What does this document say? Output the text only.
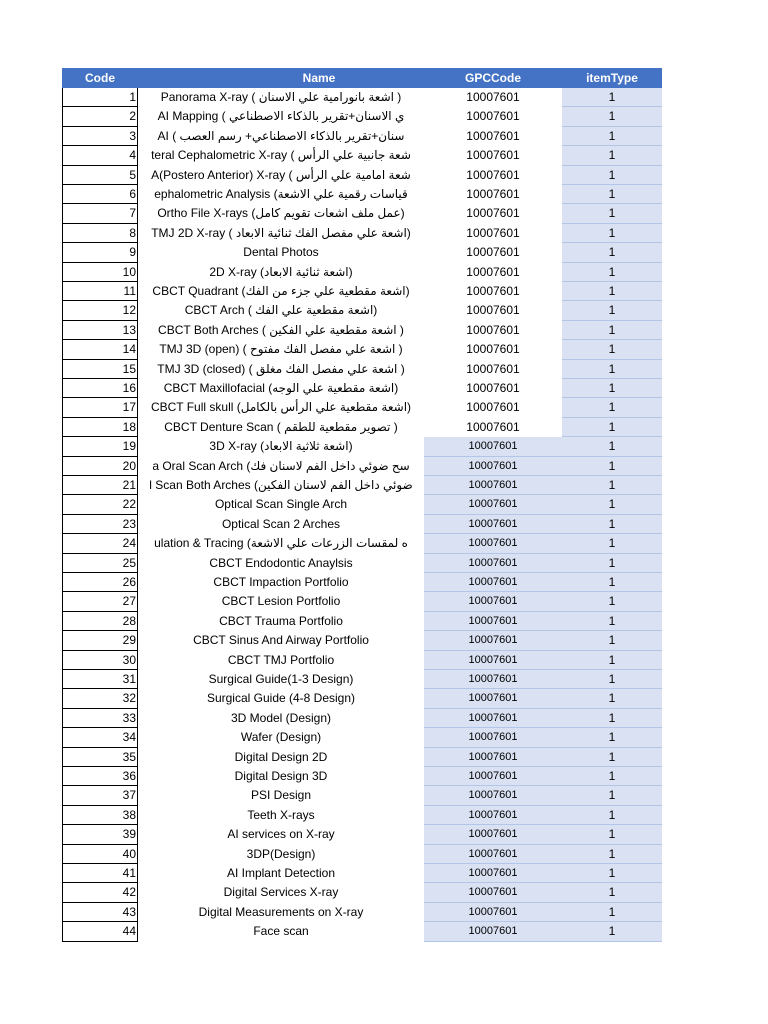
Code	Name	GPCCode	itemType
1	Panorama X-ray ( اشعة بانورامية علي الاسنان )	10007601	1
2	AI Mapping ( ي الاسنان+تقرير بالذكاء الاصطناعي	10007601	1
3	AI ( سنان+تقرير بالذكاء الاصطناعي+ رسم العصب	10007601	1
4	teral Cephalometric X-ray ( شعة جانبية علي الرأس	10007601	1
5	A(Postero Anterior) X-ray ( شعة امامية علي الرأس	10007601	1
6	ephalometric Analysis (قياسات رقمية علي الاشعة	10007601	1
7	Ortho File X-rays (عمل ملف اشعات تقويم كامل)	10007601	1
8	TMJ 2D X-ray ( اشعة علي مفصل الفك ثنائية الابعاد)	10007601	1
9	Dental Photos	10007601	1
10	2D X-ray (اشعة ثنائية الابعاد)	10007601	1
11	CBCT Quadrant (اشعة مقطعية علي جزء من الفك)	10007601	1
12	CBCT Arch ( اشعة مقطعية علي الفك)	10007601	1
13	CBCT Both Arches ( اشعة مقطعية علي الفكين )	10007601	1
14	TMJ 3D (open) ( اشعة علي مفصل الفك مفتوح )	10007601	1
15	TMJ 3D (closed) ( اشعة علي مفصل الفك مغلق )	10007601	1
16	CBCT Maxillofacial (اشعة مقطعية علي الوجه)	10007601	1
17	CBCT Full skull (اشعة مقطعية علي الرأس بالكامل)	10007601	1
18	CBCT Denture Scan ( تصوير مقطعية للطقم )	10007601	1
19	3D X-ray (اشعة ثلاثية الابعاد)	10007601	1
20	a Oral Scan Arch (سح ضوئي داخل الفم لاسنان فك	10007601	1
21	l Scan Both Arches (ضوئي داخل الفم لاسنان الفكين	10007601	1
22	Optical Scan Single Arch	10007601	1
23	Optical Scan 2 Arches	10007601	1
24	ulation & Tracing (ه لمقسات الزرعات علي الاشعة	10007601	1
25	CBCT Endodontic Anaylsis	10007601	1
26	CBCT Impaction Portfolio	10007601	1
27	CBCT Lesion Portfolio	10007601	1
28	CBCT Trauma Portfolio	10007601	1
29	CBCT Sinus And Airway Portfolio	10007601	1
30	CBCT TMJ Portfolio	10007601	1
31	Surgical Guide(1-3 Design)	10007601	1
32	Surgical Guide (4-8 Design)	10007601	1
33	3D Model (Design)	10007601	1
34	Wafer (Design)	10007601	1
35	Digital Design 2D	10007601	1
36	Digital Design 3D	10007601	1
37	PSI Design	10007601	1
38	Teeth X-rays	10007601	1
39	AI services on X-ray	10007601	1
40	3DP(Design)	10007601	1
41	AI Implant Detection	10007601	1
42	Digital Services X-ray	10007601	1
43	Digital Measurements on X-ray	10007601	1
44	Face scan	10007601	1
